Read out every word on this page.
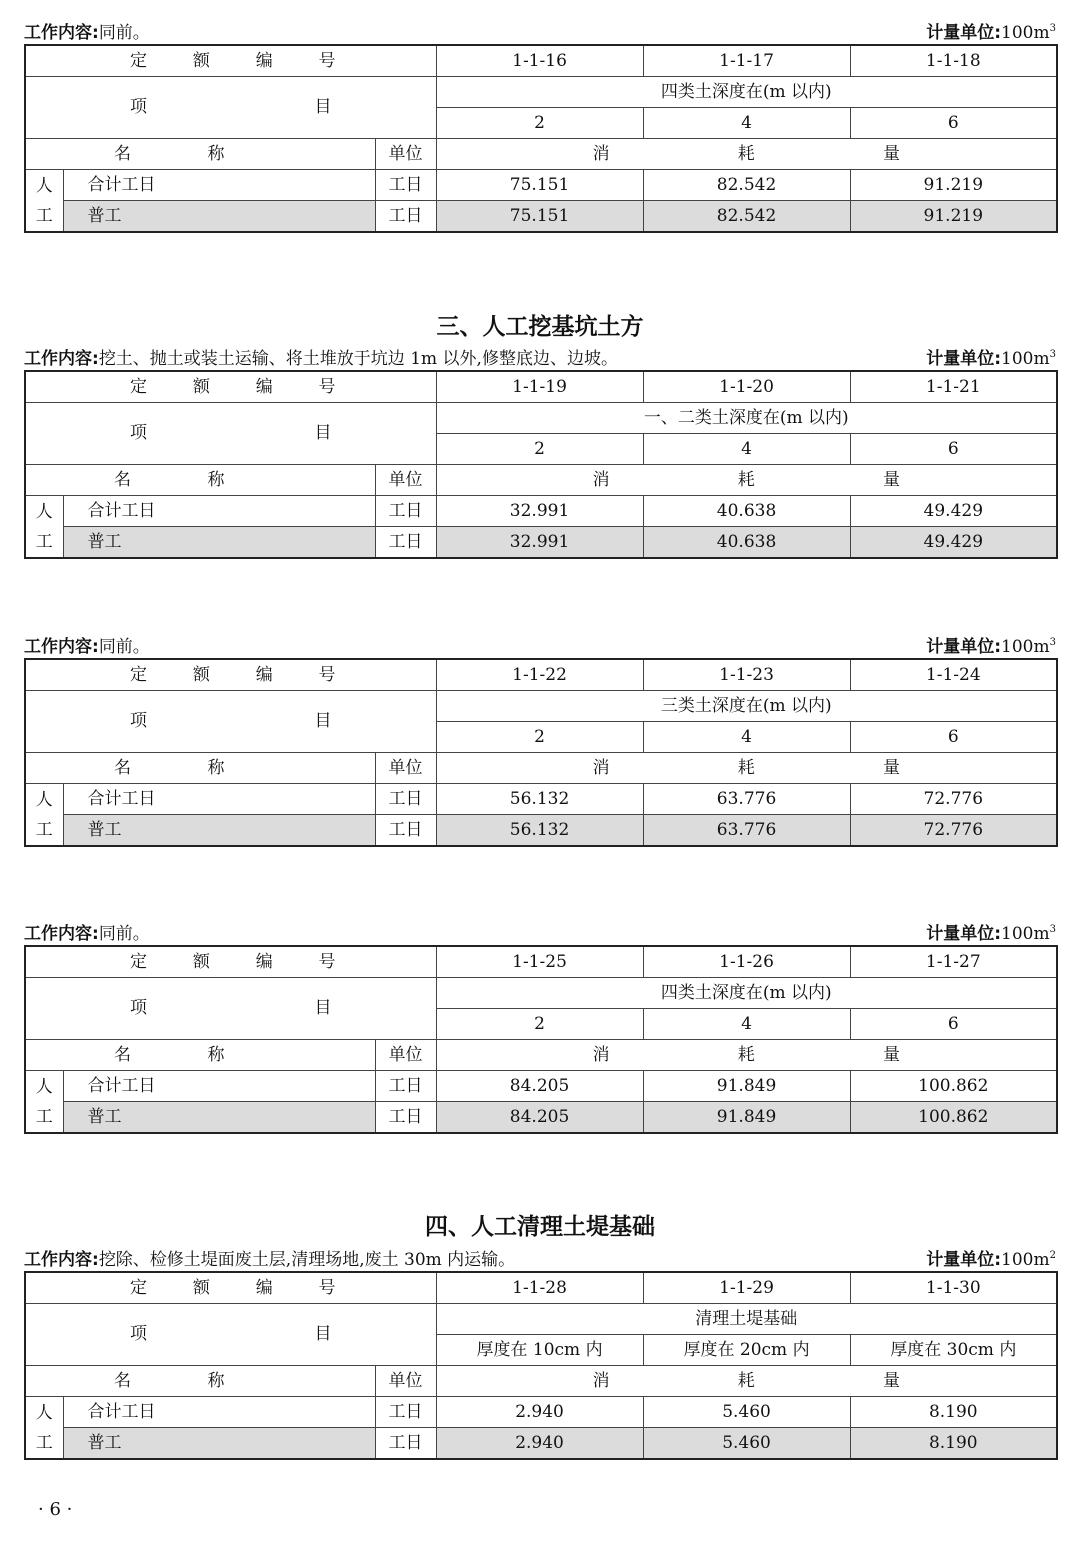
三、人工挖基坑土方
四、人工清理土堤基础
工作内容:同前。	计量单位$:100m^3$
定 额 编 号			1-1-16	1-1-17	1-1-18

项 目			四类土深度在(m 以内)		
			2	4	6

名 称		单位	消 耗 量		

人
工	合计工日	工日	75.151	82.542	91.219
	普工	工日	75.151	82.542	91.219
工作内容:挖土、抛土或装土运输、将土堆放于坑边 1m 以外,修整底边、边坡。	计量单位$:100m^3$
定 额 编 号			1-1-19	1-1-20	1-1-21

项 目			一、二类土深度在(m 以内)		
			2	4	6

名 称		单位	消 耗 量		

人
工	合计工日	工日	32.991	40.638	49.429
	普工	工日	32.991	40.638	49.429
工作内容:同前。	计量单位$:100m^3$
定 额 编 号			1-1-22	1-1-23	1-1-24

项 目			三类土深度在(m 以内)		
			2	4	6

名 称		单位	消 耗 量		

人
工	合计工日	工日	56.132	63.776	72.776
	普工	工日	56.132	63.776	72.776
工作内容:同前。	计量单位$:100m^3$
定 额 编 号			1-1-25	1-1-26	1-1-27

项 目			四类土深度在(m 以内)		
			2	4	6

名 称		单位	消 耗 量		

人
工	合计工日	工日	84.205	91.849	100.862
	普工	工日	84.205	91.849	100.862
工作内容:挖除、检修土堤面废土层,清理场地,废土 30m 内运输。	计量单位$:100m^2$
定 额 编 号			1-1-28	1-1-29	1-1-30

项 目			清理土堤基础		
			厚度在 10cm 内	厚度在 20cm 内	厚度在 30cm 内

名 称		单位	消 耗 量		

人
工	合计工日	工日	2.940	5.460	8.190
	普工	工日	2.940	5.460	8.190
· 6 ·
